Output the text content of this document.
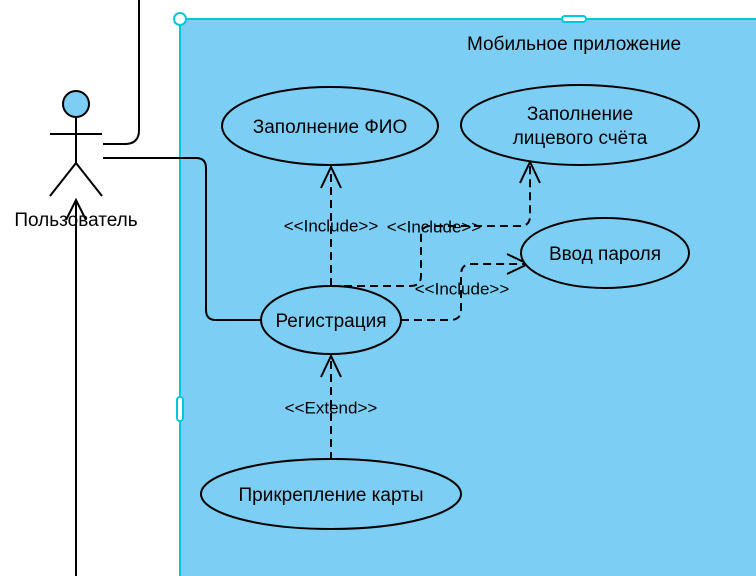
Мобильное приложение
Пользователь	<<Include>> <<Include>>
<<Include>>
<<Extend>>
Заполнение ФИО
Заполнение
лицевого счёта
Ввод пароля
Регистрация
Прикрепление карты
